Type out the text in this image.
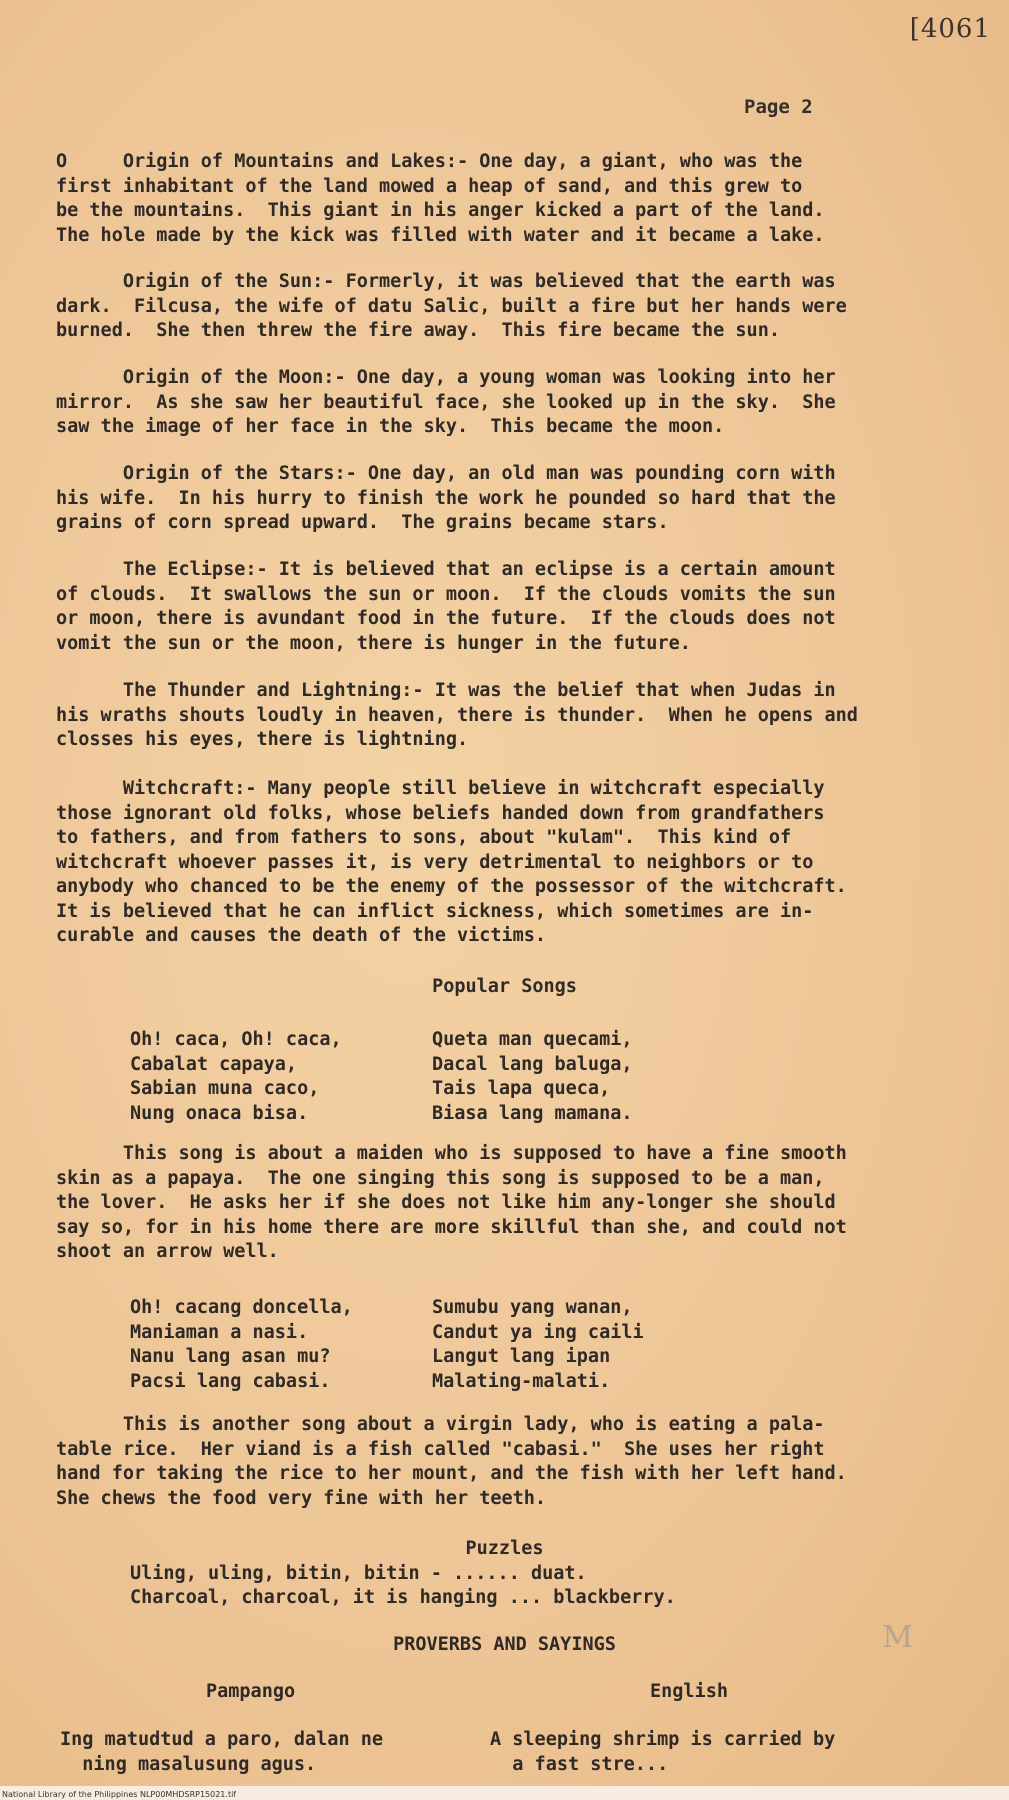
[4061
Page 2

O     Origin of Mountains and Lakes:- One day, a giant, who was the
first inhabitant of the land mowed a heap of sand, and this grew to
be the mountains.  This giant in his anger kicked a part of the land.
The hole made by the kick was filled with water and it became a lake.

Origin of the Sun:- Formerly, it was believed that the earth was
dark.  Filcusa, the wife of datu Salic, built a fire but her hands were
burned.  She then threw the fire away.  This fire became the sun.

Origin of the Moon:- One day, a young woman was looking into her
mirror.  As she saw her beautiful face, she looked up in the sky.  She
saw the image of her face in the sky.  This became the moon.

Origin of the Stars:- One day, an old man was pounding corn with
his wife.  In his hurry to finish the work he pounded so hard that the
grains of corn spread upward.  The grains became stars.

The Eclipse:- It is believed that an eclipse is a certain amount
of clouds.  It swallows the sun or moon.  If the clouds vomits the sun
or moon, there is avundant food in the future.  If the clouds does not
vomit the sun or the moon, there is hunger in the future.

The Thunder and Lightning:- It was the belief that when Judas in
his wraths shouts loudly in heaven, there is thunder.  When he opens and
closses his eyes, there is lightning.

Witchcraft:- Many people still believe in witchcraft especially
those ignorant old folks, whose beliefs handed down from grandfathers
to fathers, and from fathers to sons, about "kulam".  This kind of
witchcraft whoever passes it, is very detrimental to neighbors or to
anybody who chanced to be the enemy of the possessor of the witchcraft.
It is believed that he can inflict sickness, which sometimes are in-
curable and causes the death of the victims.

Popular Songs
Oh! caca, Oh! caca,
Cabalat capaya,
Sabian muna caco,
Nung onaca bisa.
Queta man quecami,
Dacal lang baluga,
Tais lapa queca,
Biasa lang mamana.

This song is about a maiden who is supposed to have a fine smooth
skin as a papaya.  The one singing this song is supposed to be a man,
the lover.  He asks her if she does not like him any-longer she should
say so, for in his home there are more skillful than she, and could not
shoot an arrow well.

Oh! cacang doncella,
Maniaman a nasi.
Nanu lang asan mu?
Pacsi lang cabasi.
Sumubu yang wanan,
Candut ya ing caili
Langut lang ipan
Malating-malati.

This is another song about a virgin lady, who is eating a pala-
table rice.  Her viand is a fish called "cabasi."  She uses her right
hand for taking the rice to her mount, and the fish with her left hand.
She chews the food very fine with her teeth.

Puzzles
Uling, uling, bitin, bitin - ...... duat.
Charcoal, charcoal, it is hanging ... blackberry.
PROVERBS AND SAYINGS
Pampango	English
Ing matudtud a paro, dalan ne
ning masalusung agus.
A sleeping shrimp is carried by
a fast stre...
M
National Library of the Philippines NLP00MHDSRP15021.tif
